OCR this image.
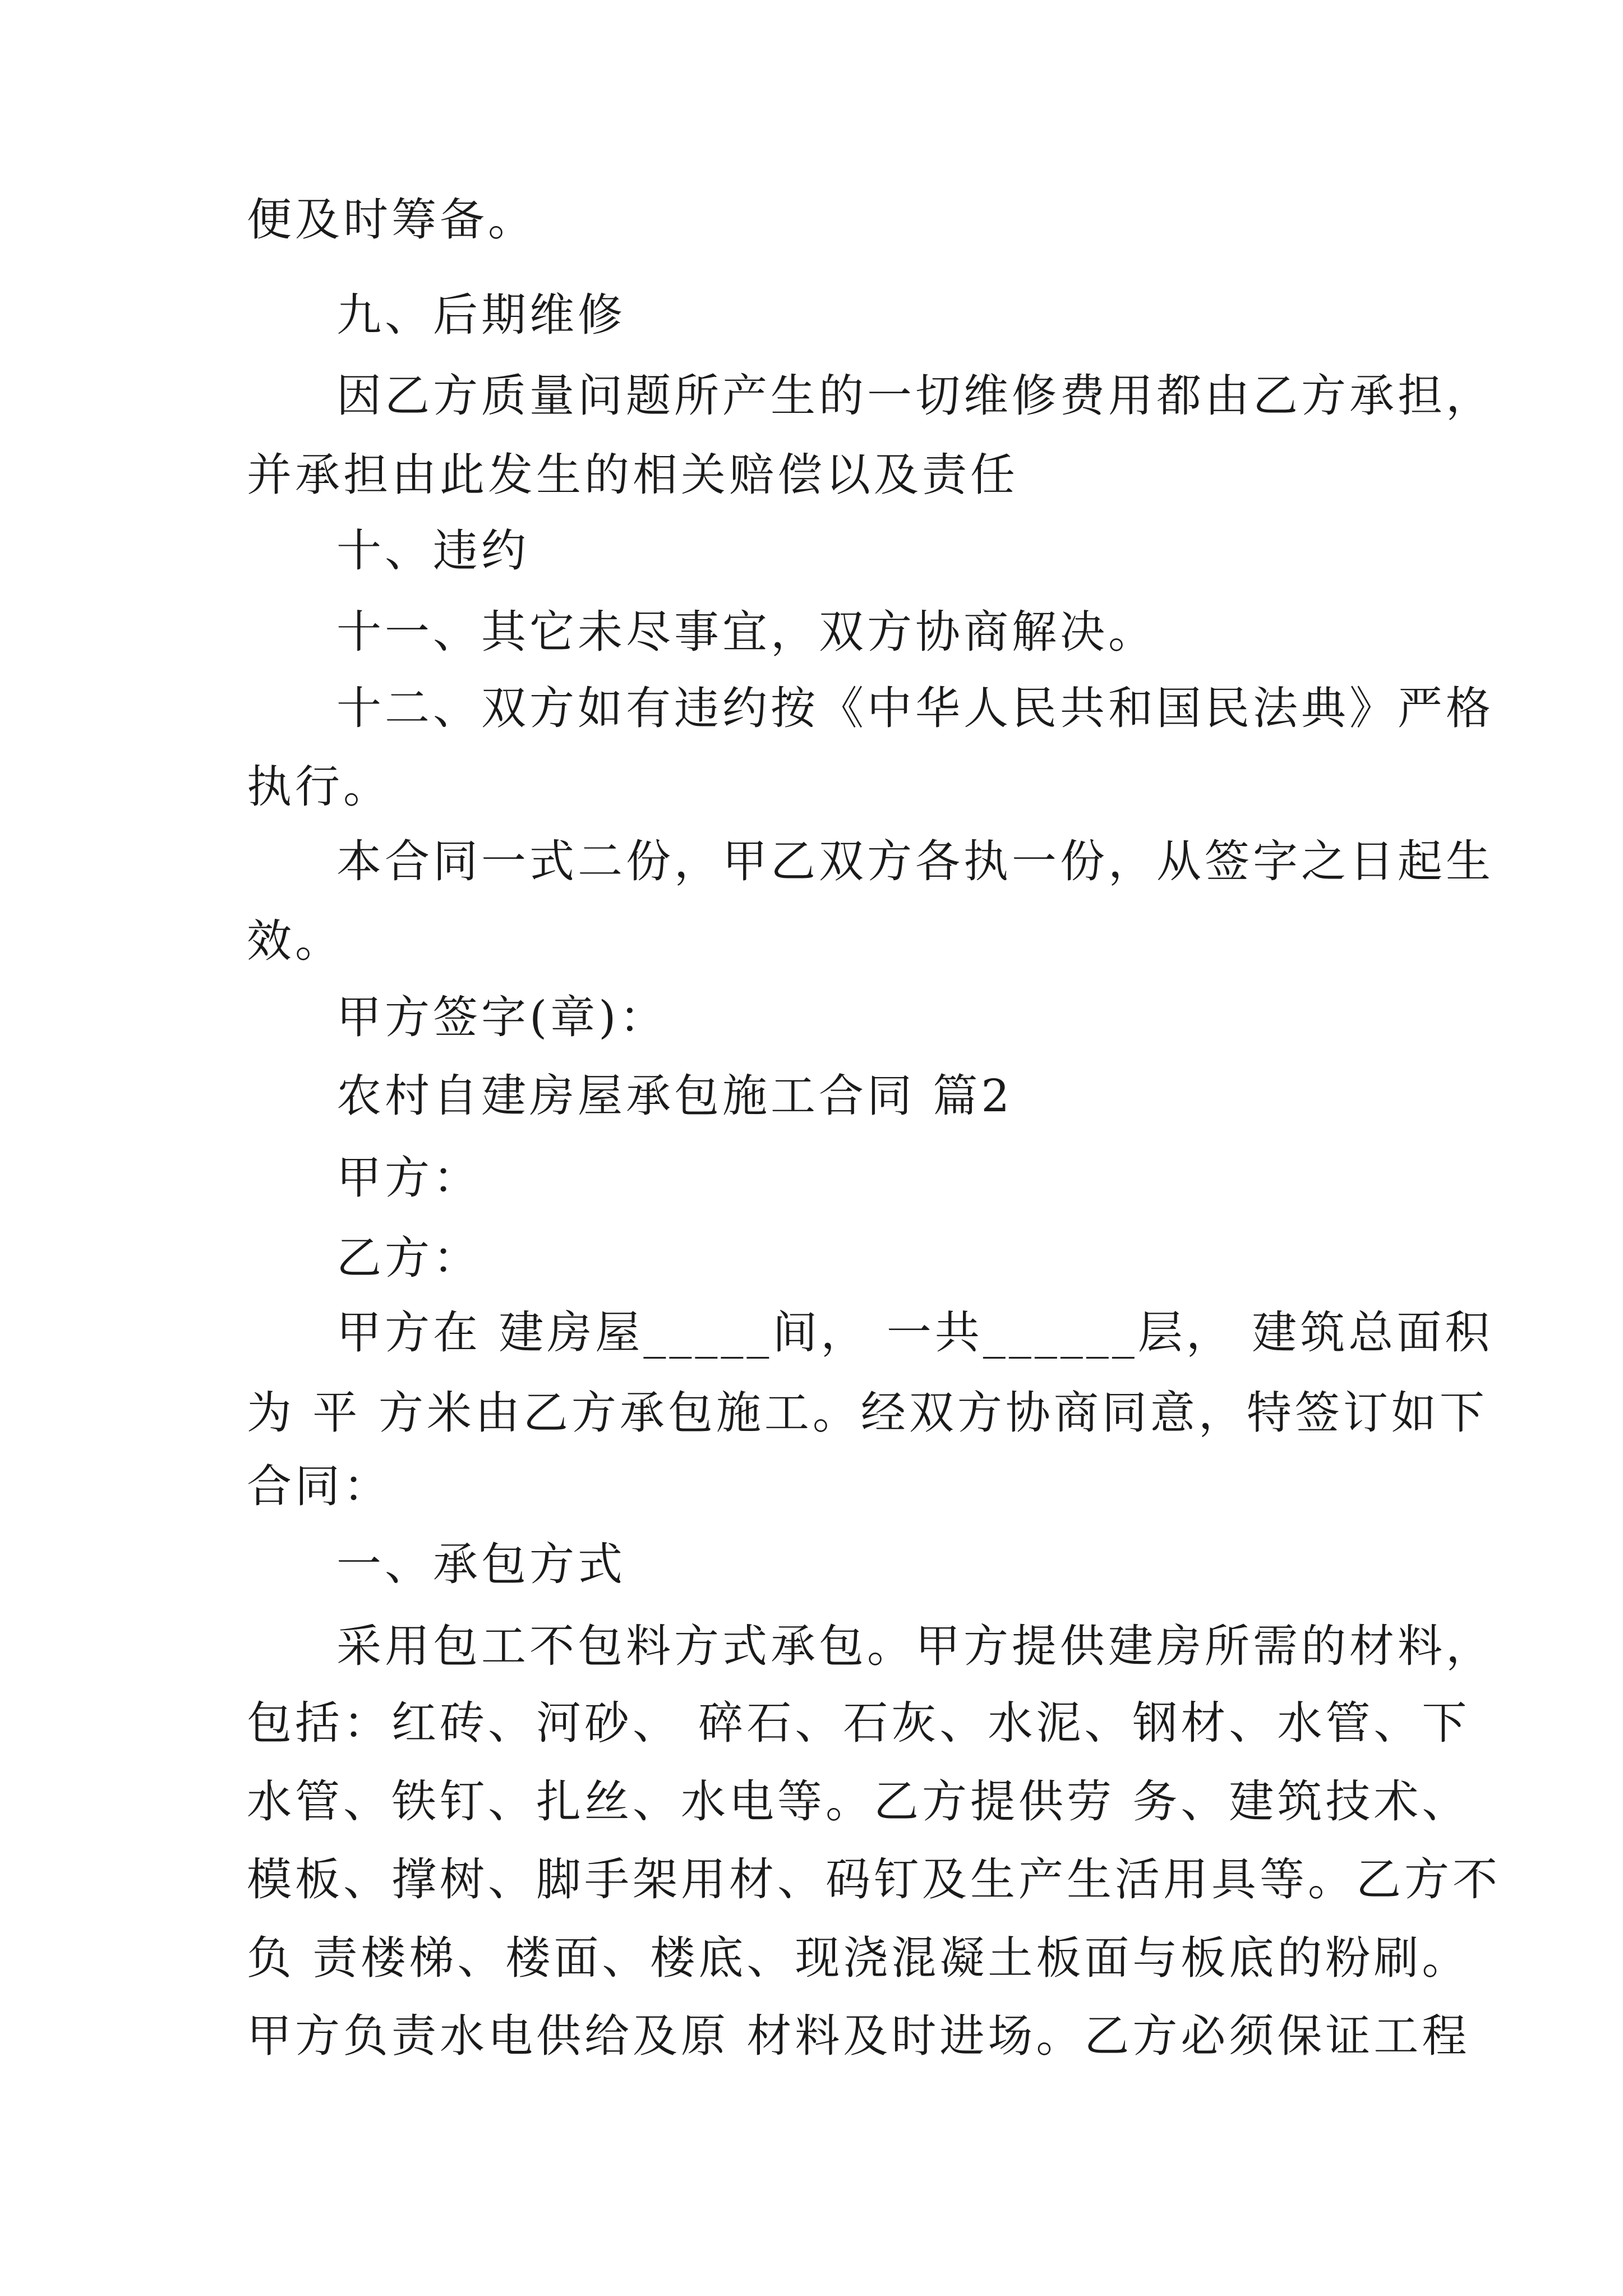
便及时筹备。
九、后期维修
因乙方质量问题所产生的一切维修费用都由乙方承担，
并承担由此发生的相关赔偿以及责任
十、违约
十一、其它未尽事宜，双方协商解决。
十二、双方如有违约按《中华人民共和国民法典》严格
执行。
本合同一式二份，甲乙双方各执一份，从签字之日起生
效。
甲方签字(章)：
农村自建房屋承包施工合同 篇2
甲方：
乙方：
甲方在 建房屋_____间， 一共______层， 建筑总面积
为 平 方米由乙方承包施工。经双方协商同意，特签订如下
合同：
一、承包方式
采用包工不包料方式承包。甲方提供建房所需的材料，
包括：红砖、河砂、 碎石、石灰、水泥、钢材、水管、下
水管、铁钉、扎丝、水电等。乙方提供劳 务、建筑技术、
模板、撑树、脚手架用材、码钉及生产生活用具等。乙方不
负 责楼梯、楼面、楼底、现浇混凝土板面与板底的粉刷。
甲方负责水电供给及原 材料及时进场。乙方必须保证工程
